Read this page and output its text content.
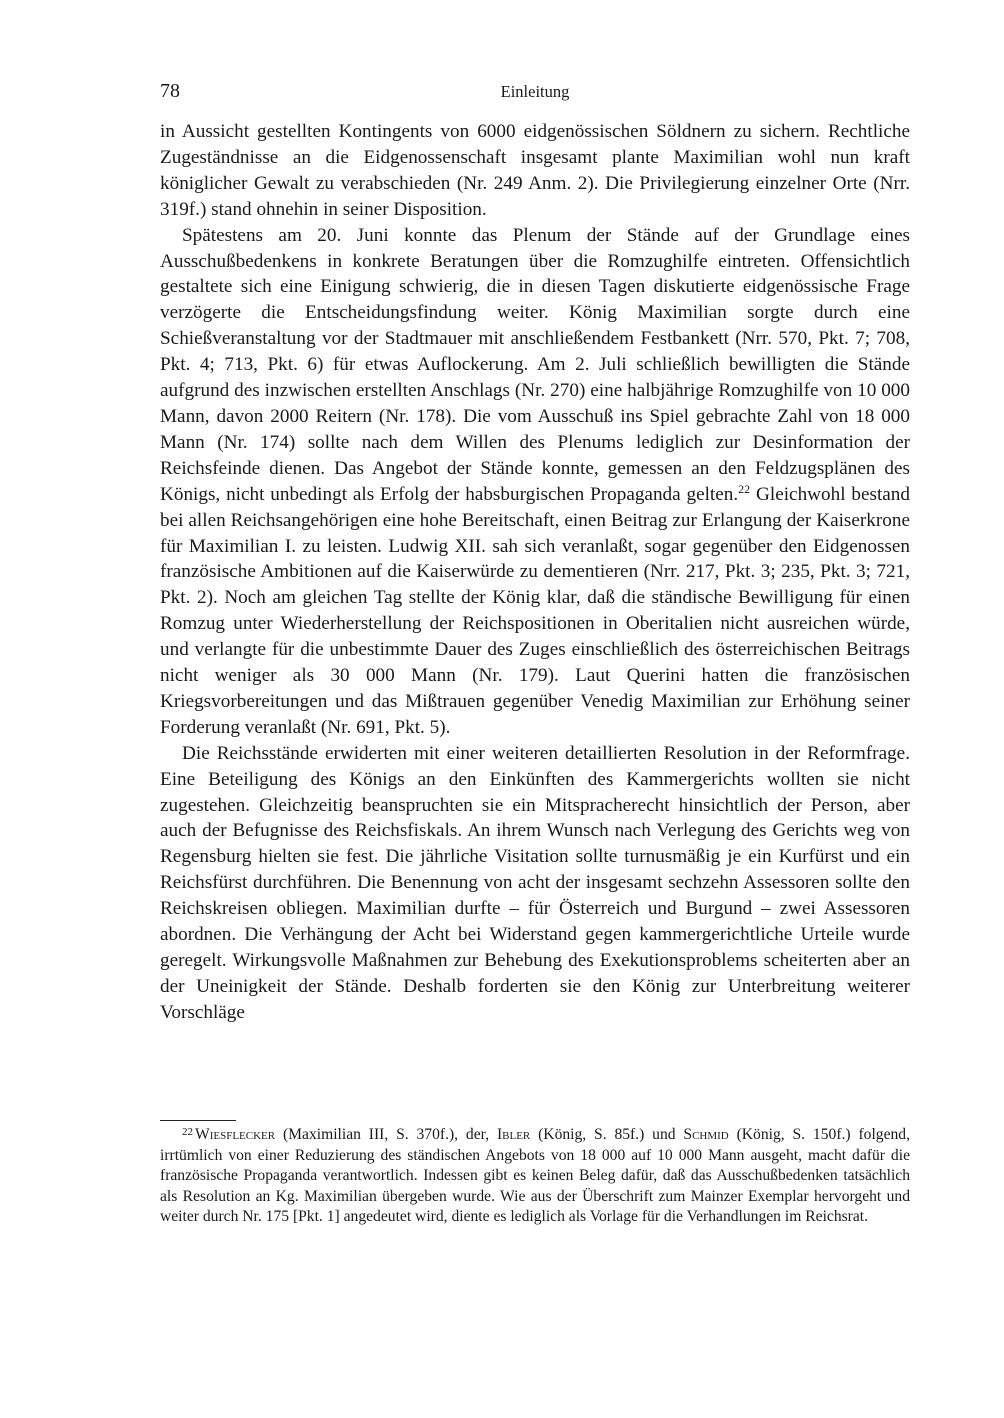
78	Einleitung

in Aussicht gestellten Kontingents von 6000 eidgenössischen Söldnern zu sichern. Rechtliche Zugeständnisse an die Eidgenossenschaft insgesamt plante Maximilian wohl nun kraft königlicher Gewalt zu verabschieden (Nr. 249 Anm. 2). Die Privilegierung einzelner Orte (Nrr. 319f.) stand ohnehin in seiner Disposition.

Spätestens am 20. Juni konnte das Plenum der Stände auf der Grundlage eines Ausschußbedenkens in konkrete Beratungen über die Romzughilfe eintreten. Offensichtlich gestaltete sich eine Einigung schwierig, die in diesen Tagen diskutierte eidgenössische Frage verzögerte die Entscheidungsfindung weiter. König Maximilian sorgte durch eine Schießveranstaltung vor der Stadtmauer mit anschließendem Festbankett (Nrr. 570, Pkt. 7; 708, Pkt. 4; 713, Pkt. 6) für etwas Auflockerung. Am 2. Juli schließlich bewilligten die Stände aufgrund des inzwischen erstellten Anschlags (Nr. 270) eine halbjährige Romzughilfe von 10 000 Mann, davon 2000 Reitern (Nr. 178). Die vom Ausschuß ins Spiel gebrachte Zahl von 18 000 Mann (Nr. 174) sollte nach dem Willen des Plenums lediglich zur Desinformation der Reichsfeinde dienen. Das Angebot der Stände konnte, gemessen an den Feldzugsplänen des Königs, nicht unbedingt als Erfolg der habsburgischen Propaganda gelten.$^{22}$ Gleichwohl bestand bei allen Reichsangehörigen eine hohe Bereitschaft, einen Beitrag zur Erlangung der Kaiserkrone für Maximilian I. zu leisten. Ludwig XII. sah sich veranlaßt, sogar gegenüber den Eidgenossen französische Ambitionen auf die Kaiserwürde zu dementieren (Nrr. 217, Pkt. 3; 235, Pkt. 3; 721, Pkt. 2). Noch am gleichen Tag stellte der König klar, daß die ständische Bewilligung für einen Romzug unter Wiederherstellung der Reichspositionen in Oberitalien nicht ausreichen würde, und verlangte für die unbestimmte Dauer des Zuges einschließlich des österreichischen Beitrags nicht weniger als 30 000 Mann (Nr. 179). Laut Querini hatten die französischen Kriegsvorbereitungen und das Mißtrauen gegenüber Venedig Maximilian zur Erhöhung seiner Forderung veranlaßt (Nr. 691, Pkt. 5).

Die Reichsstände erwiderten mit einer weiteren detaillierten Resolution in der Reformfrage. Eine Beteiligung des Königs an den Einkünften des Kammergerichts wollten sie nicht zugestehen. Gleichzeitig beanspruchten sie ein Mitspracherecht hinsichtlich der Person, aber auch der Befugnisse des Reichsfiskals. An ihrem Wunsch nach Verlegung des Gerichts weg von Regensburg hielten sie fest. Die jährliche Visitation sollte turnusmäßig je ein Kurfürst und ein Reichsfürst durchführen. Die Benennung von acht der insgesamt sechzehn Assessoren sollte den Reichskreisen obliegen. Maximilian durfte – für Österreich und Burgund – zwei Assessoren abordnen. Die Verhängung der Acht bei Widerstand gegen kammergerichtliche Urteile wurde geregelt. Wirkungsvolle Maßnahmen zur Behebung des Exekutionsproblems scheiterten aber an der Uneinigkeit der Stände. Deshalb forderten sie den König zur Unterbreitung weiterer Vorschläge

$^{22}$ Wiesflecker (Maximilian III, S. 370f.), der, Ibler (König, S. 85f.) und Schmid (König, S. 150f.) folgend, irrtümlich von einer Reduzierung des ständischen Angebots von 18 000 auf 10 000 Mann ausgeht, macht dafür die französische Propaganda verantwortlich. Indessen gibt es keinen Beleg dafür, daß das Ausschußbedenken tatsächlich als Resolution an Kg. Maximilian übergeben wurde. Wie aus der Überschrift zum Mainzer Exemplar hervorgeht und weiter durch Nr. 175 [Pkt. 1] angedeutet wird, diente es lediglich als Vorlage für die Verhandlungen im Reichsrat.
